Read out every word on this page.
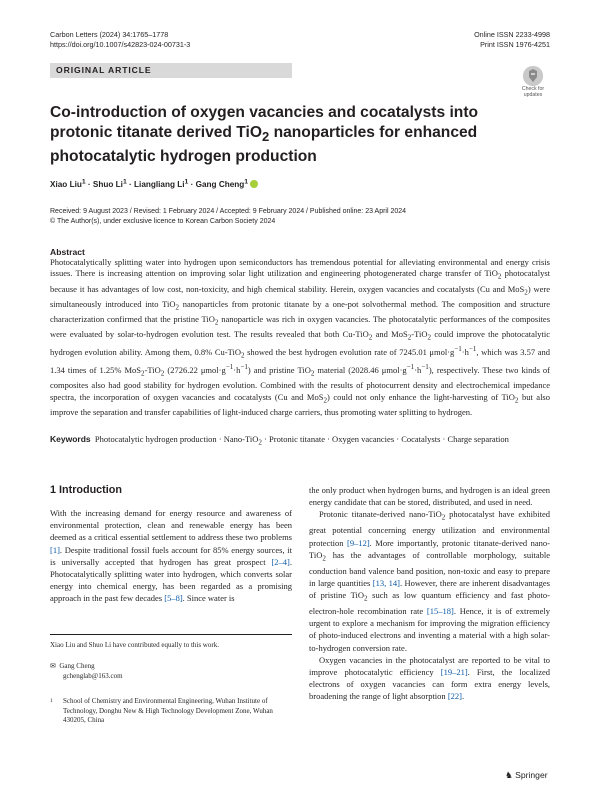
Carbon Letters (2024) 34:1765–1778
https://doi.org/10.1007/s42823-024-00731-3
Online ISSN 2233-4998
Print ISSN 1976-4251
ORIGINAL ARTICLE
Check for updates
Co-introduction of oxygen vacancies and cocatalysts into protonic titanate derived TiO$_2$ nanoparticles for enhanced photocatalytic hydrogen production
Xiao Liu$^1$ · Shuo $Li^1$ · Liangliang $Li^1$ · Gang Cheng$^1$
Received: 9 August 2023 / Revised: 1 February 2024 / Accepted: 9 February 2024 / Published online: 23 April 2024
© The Author(s), under exclusive licence to Korean Carbon Society 2024
Abstract
Photocatalytically splitting water into hydrogen upon semiconductors has tremendous potential for alleviating environmental and energy crisis issues. There is increasing attention on improving solar light utilization and engineering photogenerated charge transfer of TiO$_2$ photocatalyst because it has advantages of low cost, non-toxicity, and high chemical stability. Herein, oxygen vacancies and cocatalysts (Cu and MoS$_2$) were simultaneously introduced into TiO$_2$ nanoparticles from protonic titanate by a one-pot solvothermal method. The composition and structure characterization confirmed that the pristine TiO$_2$ nanoparticle was rich in oxygen vacancies. The photocatalytic performances of the composites were evaluated by solar-to-hydrogen evolution test. The results revealed that both Cu-TiO$_2$ and MoS$_2$-TiO$_2$ could improve the photocatalytic hydrogen evolution ability. Among them, 0.8% Cu-TiO$_2$ showed the best hydrogen evolution rate of 7245.01 $\mu mol\cdot g^{-1}\cdot h^{-1}$, which was 3.57 and 1.34 times of 1.25% MoS$_2$-TiO$_2$ (2726.22 $\mu mol\cdot g^{-1}\cdot h^{-1}$) and pristine TiO$_2$ material (2028.46 $\mu mol\cdot g^{-1}\cdot h^{-1}$), respectively. These two kinds of composites also had good stability for hydrogen evolution. Combined with the results of photocurrent density and electrochemical impedance spectra, the incorporation of oxygen vacancies and cocatalysts (Cu and MoS$_2$) could not only enhance the light-harvesting of TiO$_2$ but also improve the separation and transfer capabilities of light-induced charge carriers, thus promoting water splitting to hydrogen.
Keywords Photocatalytic hydrogen production · Nano-TiO$_2$ · Protonic titanate · Oxygen vacancies · Cocatalysts · Charge separation
1 Introduction

With the increasing demand for energy resource and awareness of environmental protection, clean and renewable energy has been deemed as a critical essential settlement to address these two problems [1]. Despite traditional fossil fuels account for 85% energy sources, it is universally accepted that hydrogen has great prospect [2–4]. Photocatalytically splitting water into hydrogen, which converts solar energy into chemical energy, has been regarded as a promising approach in the past few decades [5–8]. Since water is

the only product when hydrogen burns, and hydrogen is an ideal green energy candidate that can be stored, distributed, and used in need.

Protonic titanate-derived nano-TiO$_2$ photocatalyst have exhibited great potential concerning energy utilization and environmental protection [9–12]. More importantly, protonic titanate-derived nano-TiO$_2$ has the advantages of controllable morphology, suitable conduction band valence band position, non-toxic and easy to prepare in large quantities [13, 14]. However, there are inherent disadvantages of pristine TiO$_2$ such as low quantum efficiency and fast photo-electron-hole recombination rate [15–18]. Hence, it is of extremely urgent to explore a mechanism for improving the migration efficiency of photo-induced electrons and inventing a material with a high solar-to-hydrogen conversion rate.

Oxygen vacancies in the photocatalyst are reported to be vital to improve photocatalytic efficiency [19–21]. First, the localized electrons of oxygen vacancies can form extra energy levels, broadening the range of light absorption [22].

Xiao Liu and Shuo Li have contributed equally to this work.
✉ Gang Cheng
gchenglab@163.com
1	School of Chemistry and Environmental Engineering, Wuhan Institute of Technology, Donghu New & High Technology Development Zone, Wuhan 430205, China
♞ Springer
